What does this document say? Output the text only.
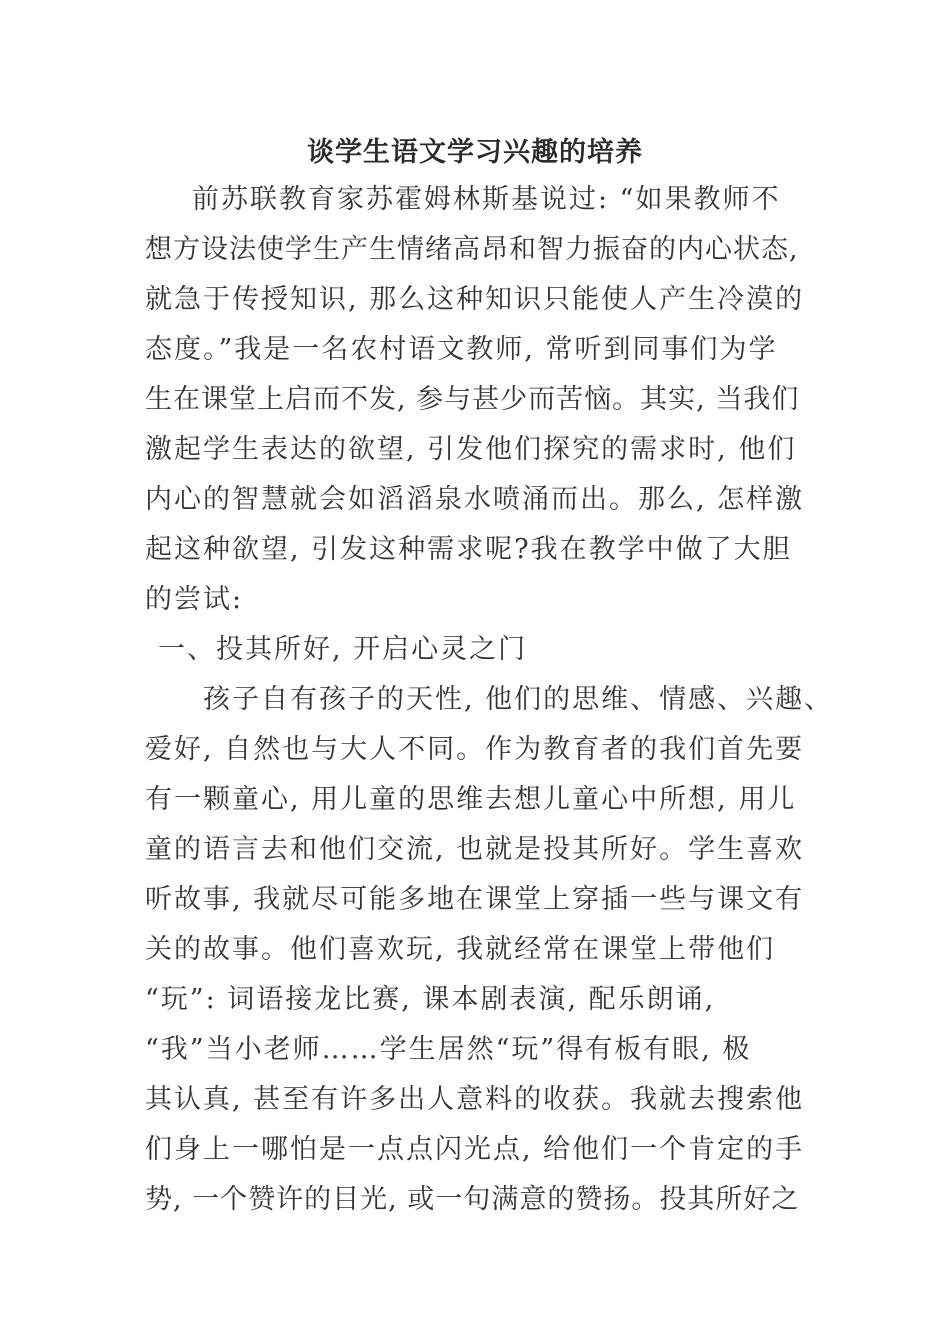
谈学生语文学习兴趣的培养
前苏联教育家苏霍姆林斯基说过: “如果教师不
想方设法使学生产生情绪高昂和智力振奋的内心状态,
就急于传授知识, 那么这种知识只能使人产生冷漠的
态度。”我是一名农村语文教师, 常听到同事们为学
生在课堂上启而不发, 参与甚少而苦恼。其实, 当我们
激起学生表达的欲望, 引发他们探究的需求时, 他们
内心的智慧就会如滔滔泉水喷涌而出。那么, 怎样激
起这种欲望, 引发这种需求呢?我在教学中做了大胆
的尝试:
一、投其所好, 开启心灵之门
孩子自有孩子的天性, 他们的思维、情感、兴趣、
爱好, 自然也与大人不同。作为教育者的我们首先要
有一颗童心, 用儿童的思维去想儿童心中所想, 用儿
童的语言去和他们交流, 也就是投其所好。学生喜欢
听故事, 我就尽可能多地在课堂上穿插一些与课文有
关的故事。他们喜欢玩, 我就经常在课堂上带他们
“玩”: 词语接龙比赛, 课本剧表演, 配乐朗诵,
“我”当小老师……学生居然“玩”得有板有眼, 极
其认真, 甚至有许多出人意料的收获。我就去搜索他
们身上一哪怕是一点点闪光点, 给他们一个肯定的手
势, 一个赞许的目光, 或一句满意的赞扬。投其所好之
